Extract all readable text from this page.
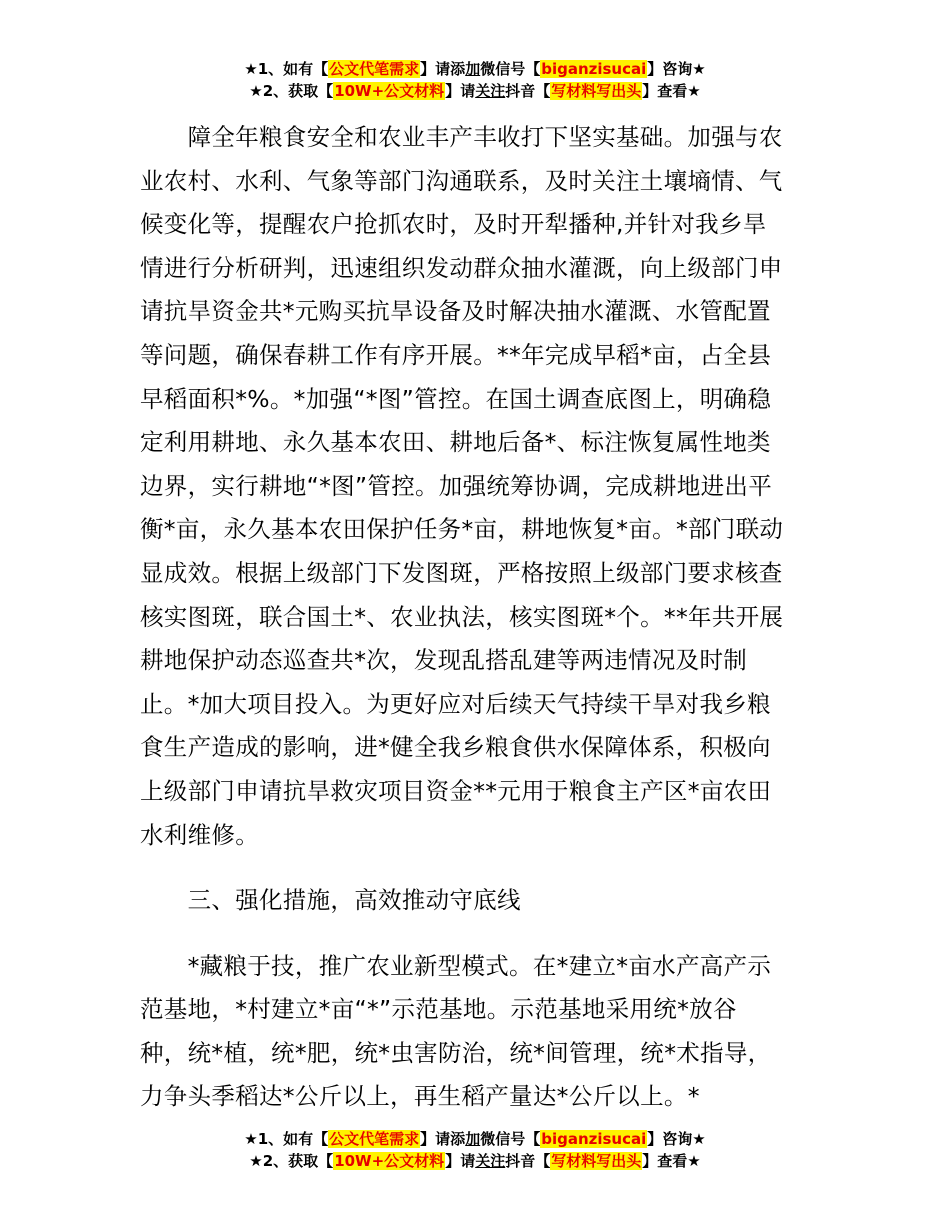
★1、如有【公文代笔需求】请添加微信号【biganzisucai】咨询★
★2、获取【10W+公文材料】请关注抖音【写材料写出头】查看★
　　障全年粮食安全和农业丰产丰收打下坚实基础。加强与农
业农村、水利、气象等部门沟通联系，及时关注土壤墒情、气
候变化等，提醒农户抢抓农时，及时开犁播种,并针对我乡旱
情进行分析研判，迅速组织发动群众抽水灌溉，向上级部门申
请抗旱资金共*元购买抗旱设备及时解决抽水灌溉、水管配置
等问题，确保春耕工作有序开展。**年完成早稻*亩，占全县
早稻面积*%。*加强“*图”管控。在国土调查底图上，明确稳
定利用耕地、永久基本农田、耕地后备*、标注恢复属性地类
边界，实行耕地“*图”管控。加强统筹协调，完成耕地进出平
衡*亩，永久基本农田保护任务*亩，耕地恢复*亩。*部门联动
显成效。根据上级部门下发图斑，严格按照上级部门要求核查
核实图斑，联合国土*、农业执法，核实图斑*个。**年共开展
耕地保护动态巡查共*次，发现乱搭乱建等两违情况及时制
止。*加大项目投入。为更好应对后续天气持续干旱对我乡粮
食生产造成的影响，进*健全我乡粮食供水保障体系，积极向
上级部门申请抗旱救灾项目资金**元用于粮食主产区*亩农田
水利维修。
　　三、强化措施，高效推动守底线
　　*藏粮于技，推广农业新型模式。在*建立*亩水产高产示
范基地，*村建立*亩“*”示范基地。示范基地采用统*放谷
种，统*植，统*肥，统*虫害防治，统*间管理，统*术指导，
力争头季稻达*公斤以上，再生稻产量达*公斤以上。*
★1、如有【公文代笔需求】请添加微信号【biganzisucai】咨询★
★2、获取【10W+公文材料】请关注抖音【写材料写出头】查看★
